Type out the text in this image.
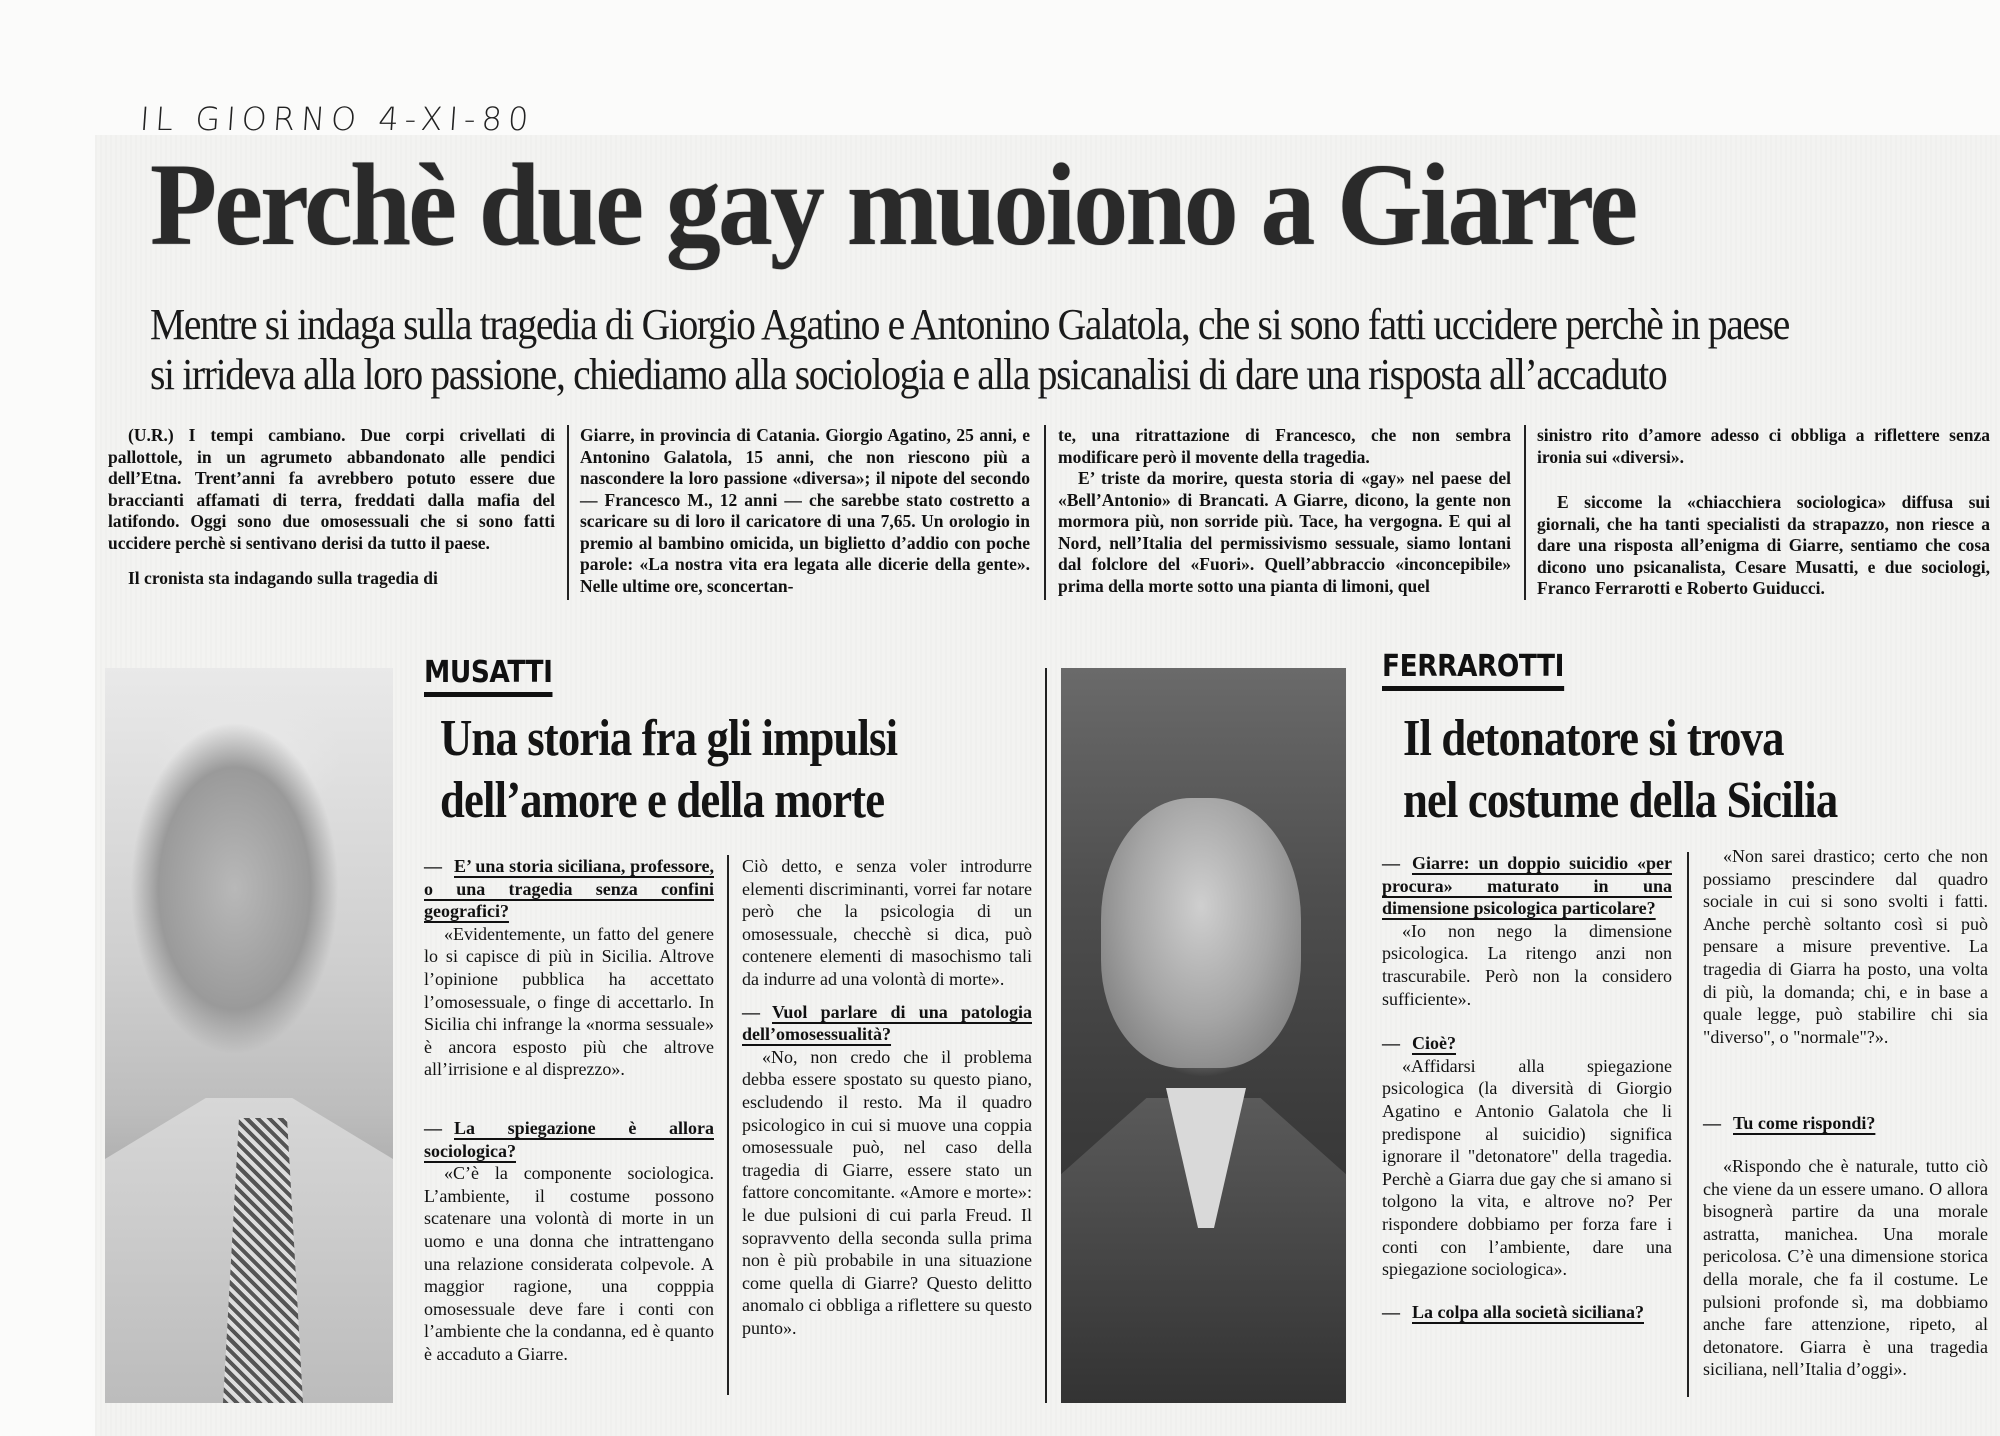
IL GIORNO 4-XI-80
Perchè due gay muoiono a Giarre
Mentre si indaga sulla tragedia di Giorgio Agatino e Antonino Galatola, che si sono fatti uccidere perchè in paese
si irrideva alla loro passione, chiediamo alla sociologia e alla psicanalisi di dare una risposta all’accaduto

(U.R.) I tempi cambiano. Due corpi crivellati di pallottole, in un agrumeto abbandonato alle pendici dell’Etna. Trent’anni fa avrebbero potuto essere due braccianti affamati di terra, freddati dalla mafia del latifondo. Oggi sono due omosessuali che si sono fatti uccidere perchè si sentivano derisi da tutto il paese.

Il cronista sta indagando sulla tragedia di

Giarre, in provincia di Catania. Giorgio Agatino, 25 anni, e Antonino Galatola, 15 anni, che non riescono più a nascondere la loro passione «diversa»; il nipote del secondo — Francesco M., 12 anni — che sarebbe stato costretto a scaricare su di loro il caricatore di una 7,65. Un orologio in premio al bambino omicida, un biglietto d’addio con poche parole: «La nostra vita era legata alle dicerie della gente». Nelle ultime ore, sconcertan-

te, una ritrattazione di Francesco, che non sembra modificare però il movente della tragedia.

E’ triste da morire, questa storia di «gay» nel paese del «Bell’Antonio» di Brancati. A Giarre, dicono, la gente non mormora più, non sorride più. Tace, ha vergogna. E qui al Nord, nell’Italia del permissivismo sessuale, siamo lontani dal folclore del «Fuori». Quell’abbraccio «inconcepibile» prima della morte sotto una pianta di limoni, quel

sinistro rito d’amore adesso ci obbliga a riflettere senza ironia sui «diversi».

E siccome la «chiacchiera sociologica» diffusa sui giornali, che ha tanti specialisti da strapazzo, non riesce a dare una risposta all’enigma di Giarre, sentiamo che cosa dicono uno psicanalista, Cesare Musatti, e due sociologi, Franco Ferrarotti e Roberto Guiducci.

MUSATTI
Una storia fra gli impulsi
dell’amore e della morte

— E’ una storia siciliana, professore, o una tragedia senza confini geografici?

«Evidentemente, un fatto del genere lo si capisce di più in Sicilia. Altrove l’opinione pubblica ha accettato l’omosessuale, o finge di accettarlo. In Sicilia chi infrange la «norma sessuale» è ancora esposto più che altrove all’irrisione e al disprezzo».

— La spiegazione è allora sociologica?

«C’è la componente sociologica. L’ambiente, il costume possono scatenare una volontà di morte in un uomo e una donna che intrattengano una relazione considerata colpevole. A maggior ragione, una copppia omosessuale deve fare i conti con l’ambiente che la condanna, ed è quanto è accaduto a Giarre.

Ciò detto, e senza voler introdurre elementi discriminanti, vorrei far notare però che la psicologia di un omosessuale, checchè si dica, può contenere elementi di masochismo tali da indurre ad una volontà di morte».

— Vuol parlare di una patologia dell’omosessualità?

«No, non credo che il problema debba essere spostato su questo piano, escludendo il resto. Ma il quadro psicologico in cui si muove una coppia omosessuale può, nel caso della tragedia di Giarre, essere stato un fattore concomitante. «Amore e morte»: le due pulsioni di cui parla Freud. Il sopravvento della seconda sulla prima non è più probabile in una situazione come quella di Giarre? Questo delitto anomalo ci obbliga a riflettere su questo punto».

FERRAROTTI
Il detonatore si trova
nel costume della Sicilia

— Giarre: un doppio suicidio «per procura» maturato in una dimensione psicologica particolare?

«Io non nego la dimensione psicologica. La ritengo anzi non trascurabile. Però non la considero sufficiente».

— Cioè?

«Affidarsi alla spiegazione psicologica (la diversità di Giorgio Agatino e Antonio Galatola che li predispone al suicidio) significa ignorare il "detonatore" della tragedia. Perchè a Giarra due gay che si amano si tolgono la vita, e altrove no? Per rispondere dobbiamo per forza fare i conti con l’ambiente, dare una spiegazione sociologica».

— La colpa alla società siciliana?

«Non sarei drastico; certo che non possiamo prescindere dal quadro sociale in cui si sono svolti i fatti. Anche perchè soltanto così si può pensare a misure preventive. La tragedia di Giarra ha posto, una volta di più, la domanda; chi, e in base a quale legge, può stabilire chi sia "diverso", o "normale"?».

— Tu come rispondi?

«Rispondo che è naturale, tutto ciò che viene da un essere umano. O allora bisognerà partire da una morale astratta, manichea. Una morale pericolosa. C’è una dimensione storica della morale, che fa il costume. Le pulsioni profonde sì, ma dobbiamo anche fare attenzione, ripeto, al detonatore. Giarra è una tragedia siciliana, nell’Italia d’oggi».
